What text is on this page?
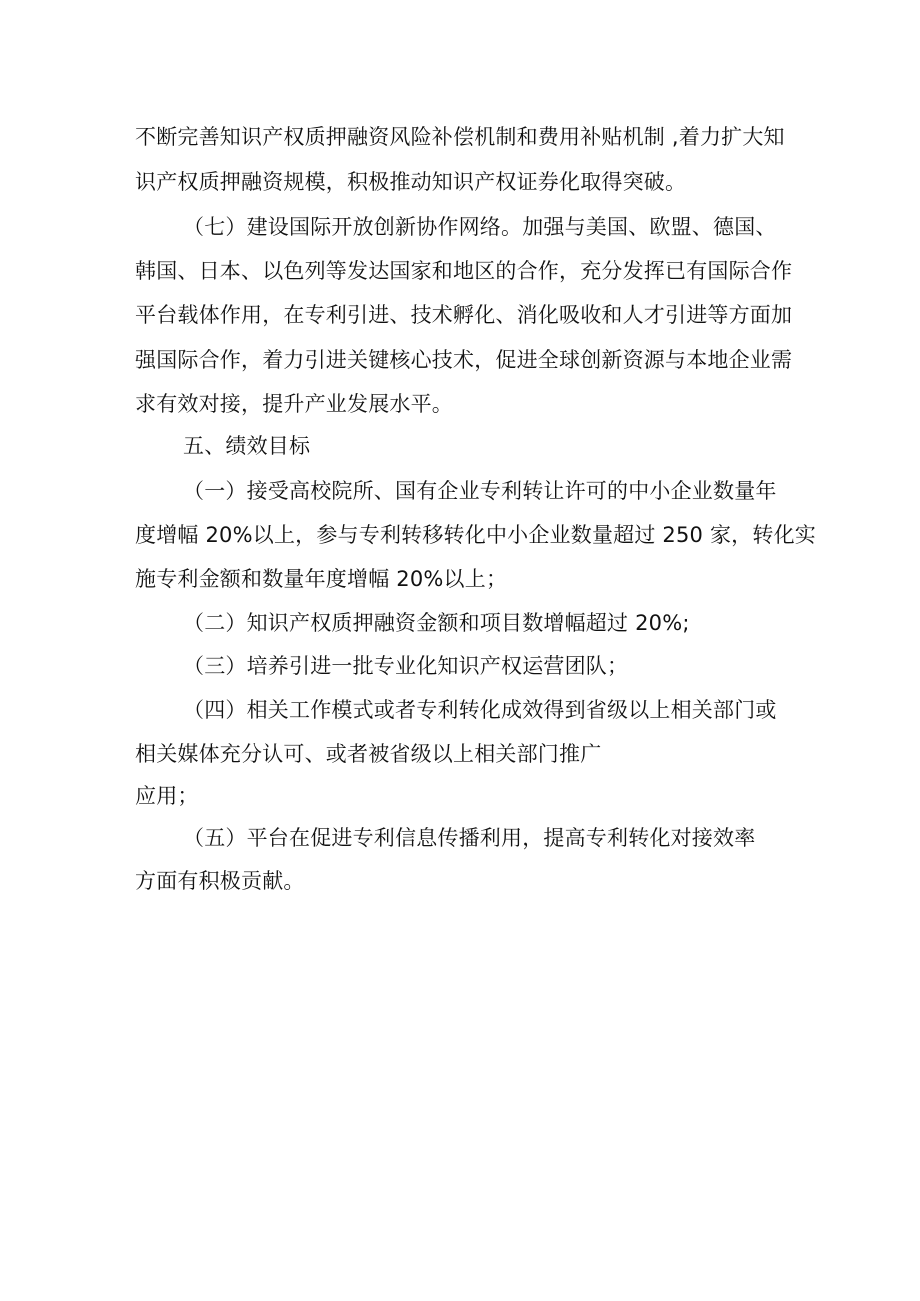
不断完善知识产权质押融资风险补偿机制和费用补贴机制 ,着力扩大知
识产权质押融资规模，积极推动知识产权证券化取得突破。
（七）建设国际开放创新协作网络。加强与美国、欧盟、德国、
韩国、日本、以色列等发达国家和地区的合作，充分发挥已有国际合作
平台载体作用，在专利引进、技术孵化、消化吸收和人才引进等方面加
强国际合作，着力引进关键核心技术，促进全球创新资源与本地企业需
求有效对接，提升产业发展水平。
五、绩效目标
（一）接受高校院所、国有企业专利转让许可的中小企业数量年
度增幅 20%以上，参与专利转移转化中小企业数量超过 250 家，转化实
施专利金额和数量年度增幅 20%以上；
（二）知识产权质押融资金额和项目数增幅超过 20%;
（三）培养引进一批专业化知识产权运营团队；
（四）相关工作模式或者专利转化成效得到省级以上相关部门或
相关媒体充分认可、或者被省级以上相关部门推广
应用；
（五）平台在促进专利信息传播利用，提高专利转化对接效率
方面有积极贡献。
